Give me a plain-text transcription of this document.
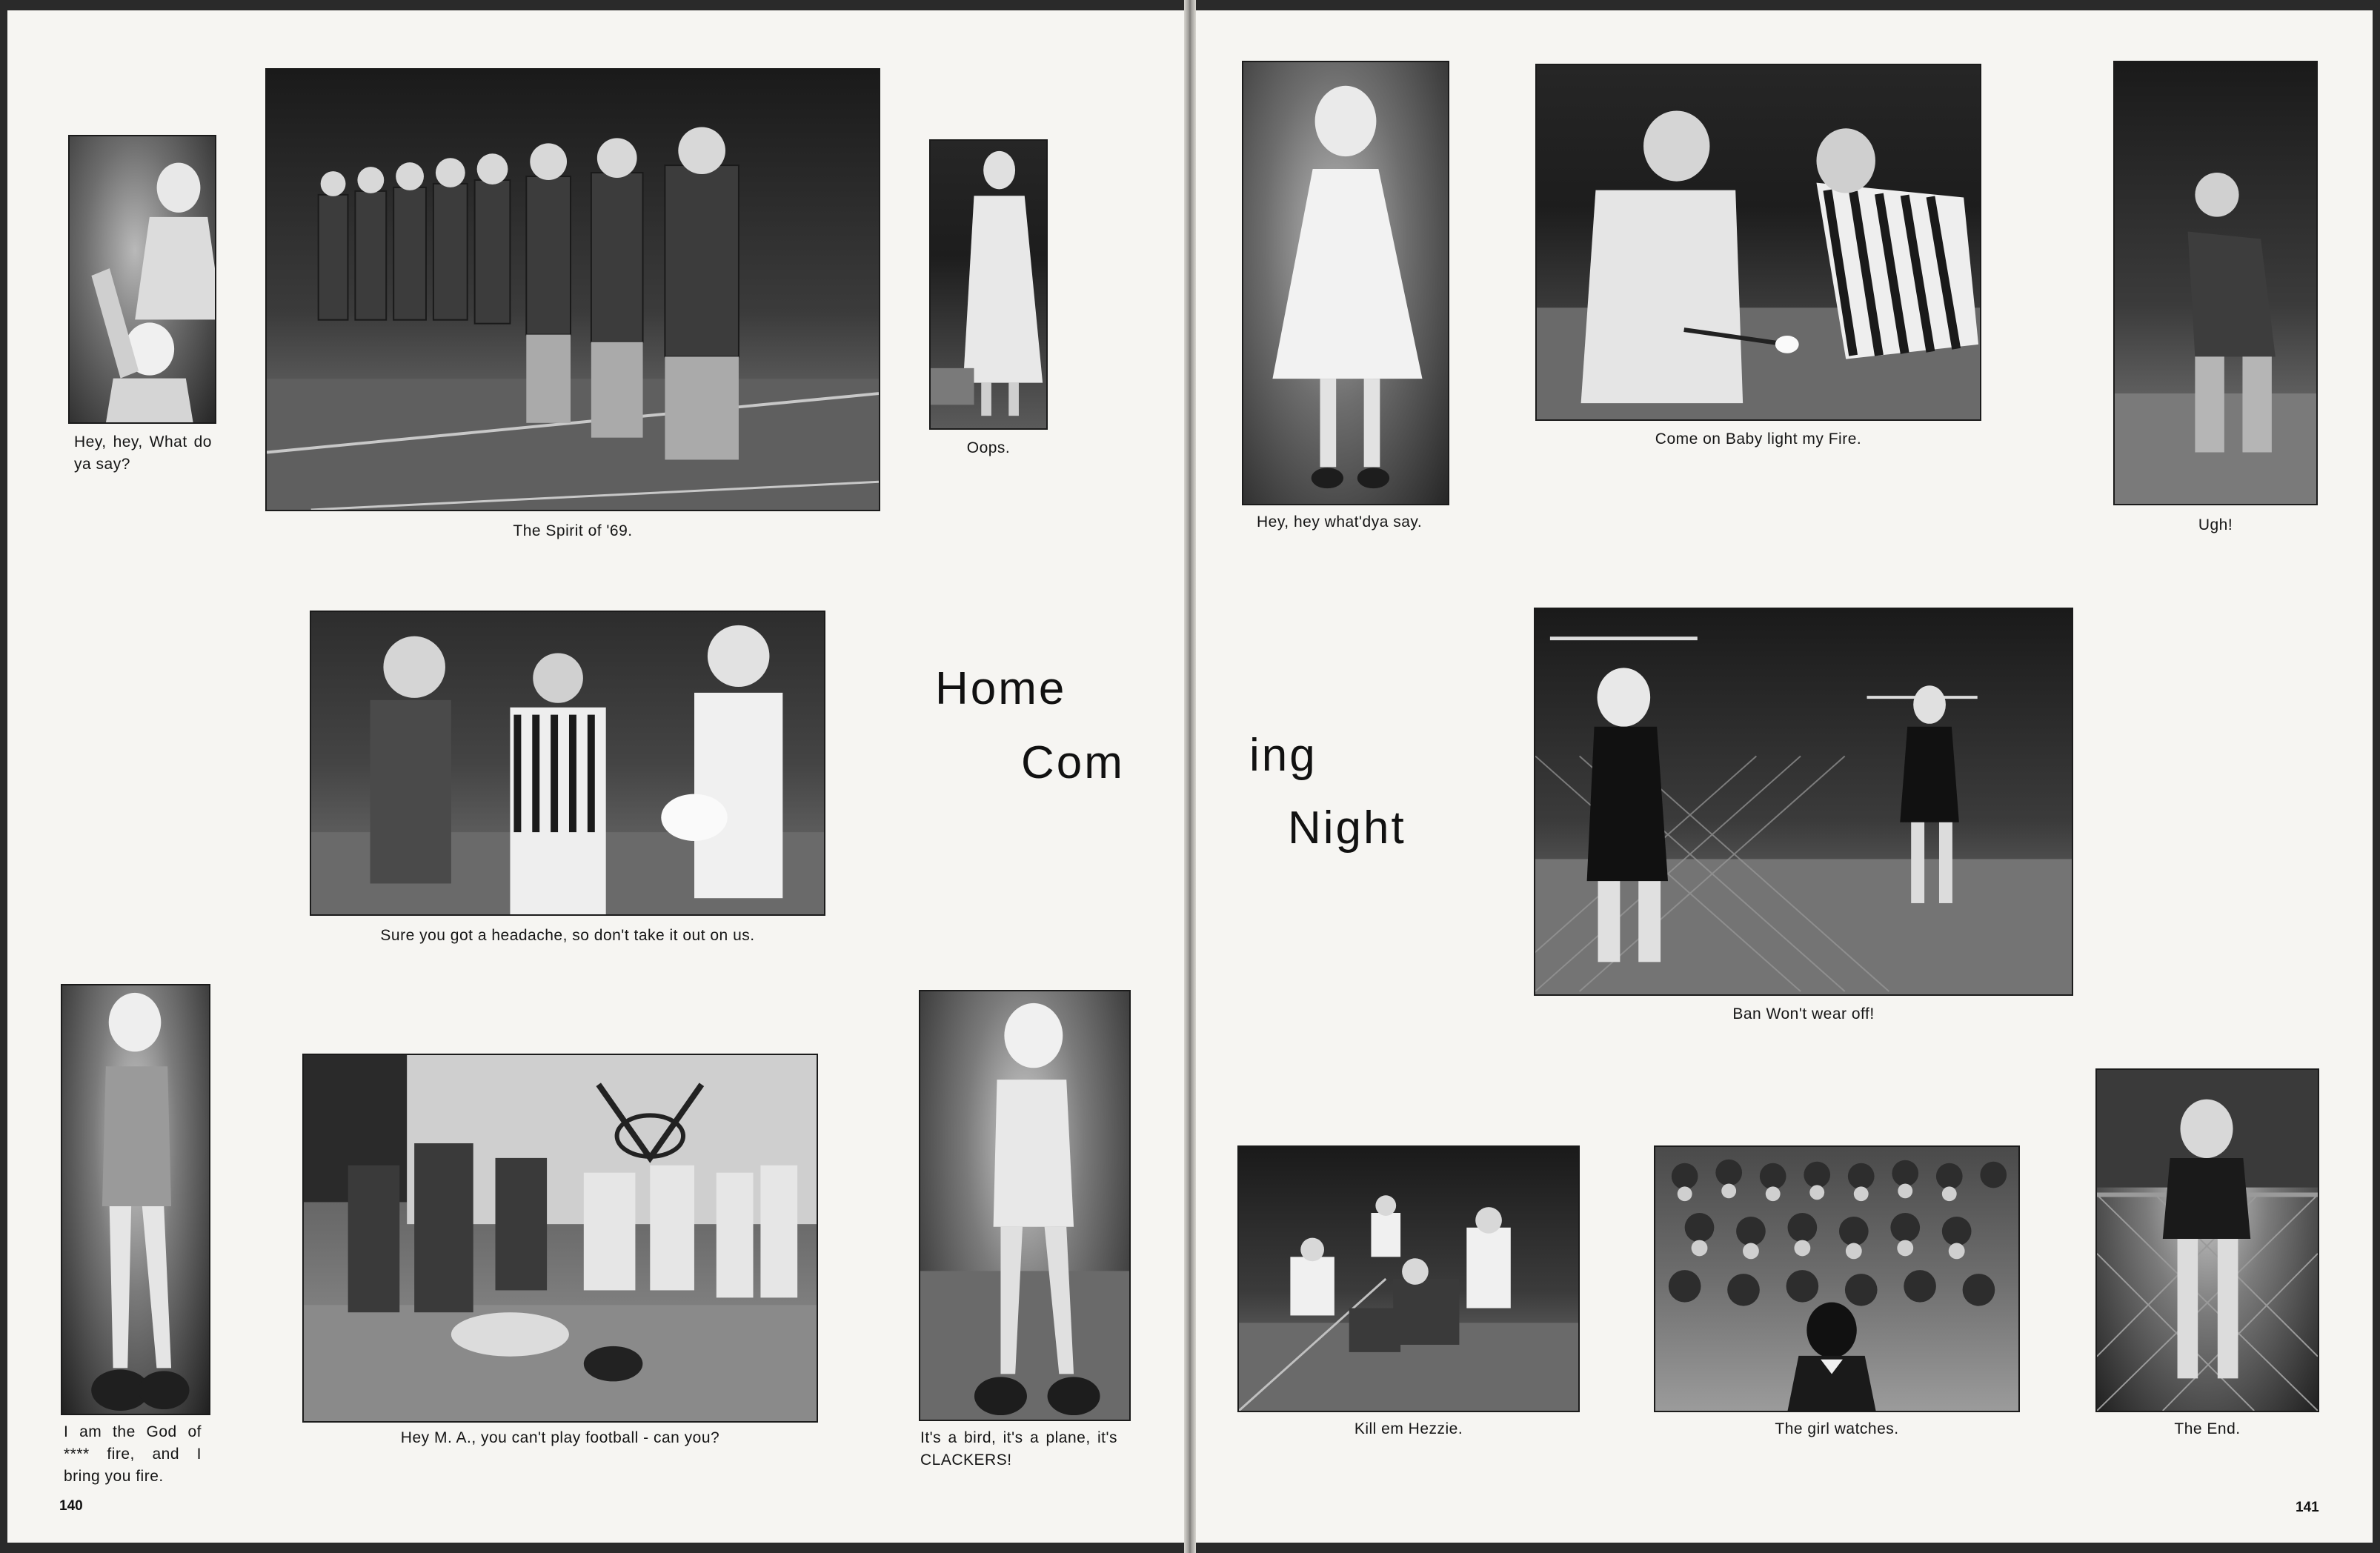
Hey, hey, What do ya say?

The Spirit of '69.

Oops.

Sure you got a headache, so don't take it out on us.

I am the God of **** fire, and I bring you fire.

Hey M. A., you can't play football - can you?	It's a bird, it's a plane, it's CLACKERS!

Home
Com	ing
Night
140

Hey, hey what'dya say.

Come on Baby light my Fire.

Ugh!

Ban Won't wear off!

Kill em Hezzie.	The girl watches.	The End.

141
